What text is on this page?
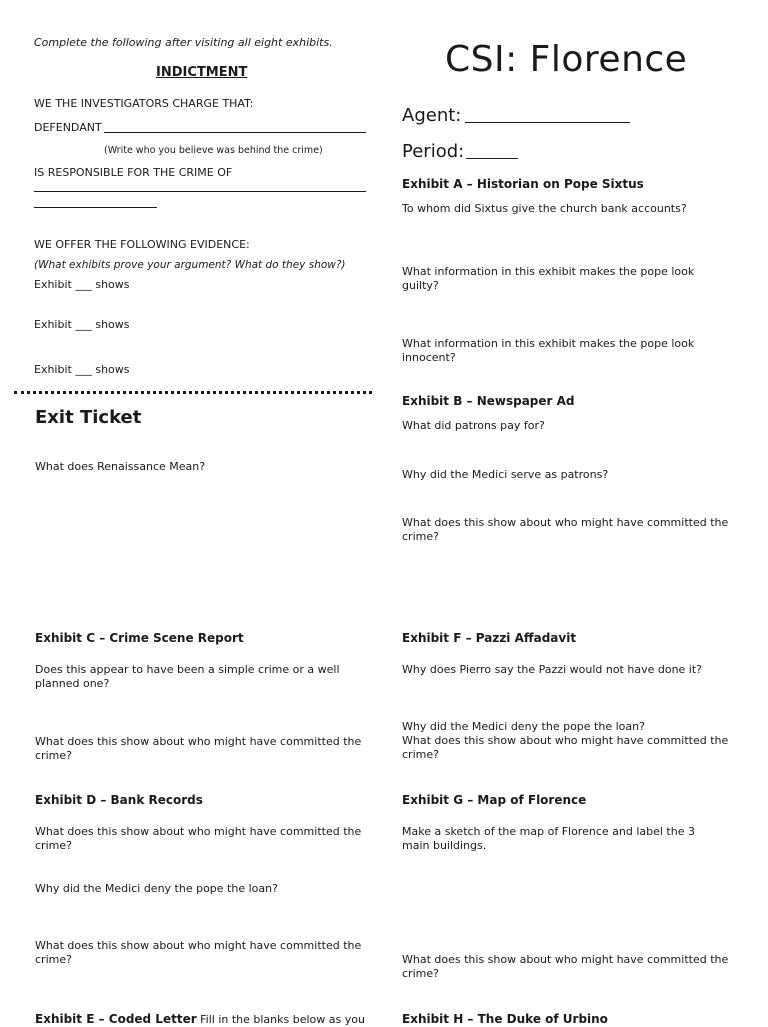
Complete the following after visiting all eight exhibits.
INDICTMENT
WE THE INVESTIGATORS CHARGE THAT:
DEFENDANT
(Write who you believe was behind the crime)
IS RESPONSIBLE FOR THE CRIME OF
WE OFFER THE FOLLOWING EVIDENCE:
(What exhibits prove your argument? What do they show?)
Exhibit ___ shows
Exhibit ___ shows
Exhibit ___ shows
Exit Ticket
What does Renaissance Mean?
CSI: Florence
Agent:
Period:
Exhibit A – Historian on Pope Sixtus
To whom did Sixtus give the church bank accounts?
What information in this exhibit makes the pope look guilty?
What information in this exhibit makes the pope look innocent?
Exhibit B – Newspaper Ad
What did patrons pay for?
Why did the Medici serve as patrons?
What does this show about who might have committed the crime?
Exhibit C – Crime Scene Report
Does this appear to have been a simple crime or a well planned one?
What does this show about who might have committed the crime?
Exhibit D – Bank Records
What does this show about who might have committed the crime?
Why did the Medici deny the pope the loan?
What does this show about who might have committed the crime?
Exhibit E – Coded Letter Fill in the blanks below as you
Exhibit F – Pazzi Affadavit
Why does Pierro say the Pazzi would not have done it?
Why did the Medici deny the pope the loan?
What does this show about who might have committed the crime?
Exhibit G – Map of Florence
Make a sketch of the map of Florence and label the 3 main buildings.
What does this show about who might have committed the crime?
Exhibit H – The Duke of Urbino
